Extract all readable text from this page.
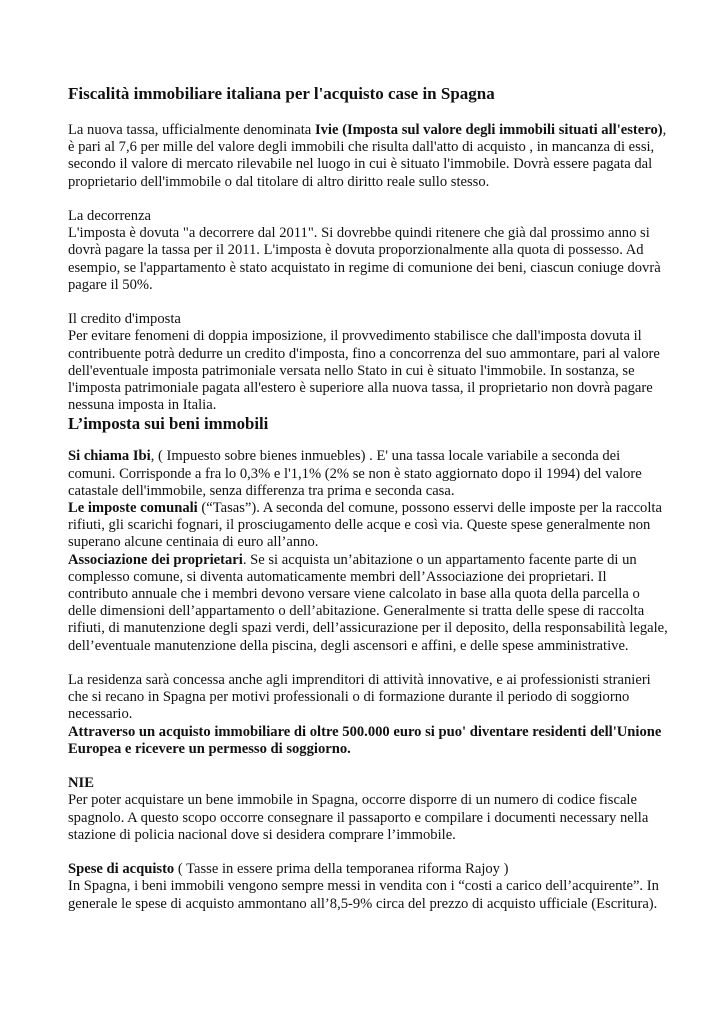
Fiscalità immobiliare italiana per l'acquisto case in Spagna

La nuova tassa, ufficialmente denominata Ivie (Imposta sul valore degli immobili situati all'estero), è pari al 7,6 per mille del valore degli immobili che risulta dall'atto di acquisto , in mancanza di essi, secondo il valore di mercato rilevabile nel luogo in cui è situato l'immobile. Dovrà essere pagata dal proprietario dell'immobile o dal titolare di altro diritto reale sullo stesso.

La decorrenza

L'imposta è dovuta "a decorrere dal 2011". Si dovrebbe quindi ritenere che già dal prossimo anno si dovrà pagare la tassa per il 2011. L'imposta è dovuta proporzionalmente alla quota di possesso. Ad esempio, se l'appartamento è stato acquistato in regime di comunione dei beni, ciascun coniuge dovrà pagare il 50%.

Il credito d'imposta

Per evitare fenomeni di doppia imposizione, il provvedimento stabilisce che dall'imposta dovuta il contribuente potrà dedurre un credito d'imposta, fino a concorrenza del suo ammontare, pari al valore dell'eventuale imposta patrimoniale versata nello Stato in cui è situato l'immobile. In sostanza, se l'imposta patrimoniale pagata all'estero è superiore alla nuova tassa, il proprietario non dovrà pagare nessuna imposta in Italia.

L’imposta sui beni immobili

Si chiama Ibi, ( Impuesto sobre bienes inmuebles) . E' una tassa locale variabile a seconda dei comuni. Corrisponde a fra lo 0,3% e l'1,1% (2% se non è stato aggiornato dopo il 1994) del valore catastale dell'immobile, senza differenza tra prima e seconda casa.

Le imposte comunali (“Tasas”). A seconda del comune, possono esservi delle imposte per la raccolta rifiuti, gli scarichi fognari, il prosciugamento delle acque e così via. Queste spese generalmente non superano alcune centinaia di euro all’anno.

Associazione dei proprietari. Se si acquista un’abitazione o un appartamento facente parte di un complesso comune, si diventa automaticamente membri dell’Associazione dei proprietari. Il contributo annuale che i membri devono versare viene calcolato in base alla quota della parcella o delle dimensioni dell’appartamento o dell’abitazione. Generalmente si tratta delle spese di raccolta rifiuti, di manutenzione degli spazi verdi, dell’assicurazione per il deposito, della responsabilità legale, dell’eventuale manutenzione della piscina, degli ascensori e affini, e delle spese amministrative.

La residenza sarà concessa anche agli imprenditori di attività innovative, e ai professionisti stranieri che si recano in Spagna per motivi professionali o di formazione durante il periodo di soggiorno necessario.

Attraverso un acquisto immobiliare di oltre 500.000 euro si puo' diventare residenti dell'Unione Europea e ricevere un permesso di soggiorno.

NIE

Per poter acquistare un bene immobile in Spagna, occorre disporre di un numero di codice fiscale spagnolo. A questo scopo occorre consegnare il passaporto e compilare i documenti necessary nella stazione di policia nacional dove si desidera comprare l’immobile.

Spese di acquisto ( Tasse in essere prima della temporanea riforma Rajoy )

In Spagna, i beni immobili vengono sempre messi in vendita con i “costi a carico dell’acquirente”. In generale le spese di acquisto ammontano all’8,5-9% circa del prezzo di acquisto ufficiale (Escritura).
